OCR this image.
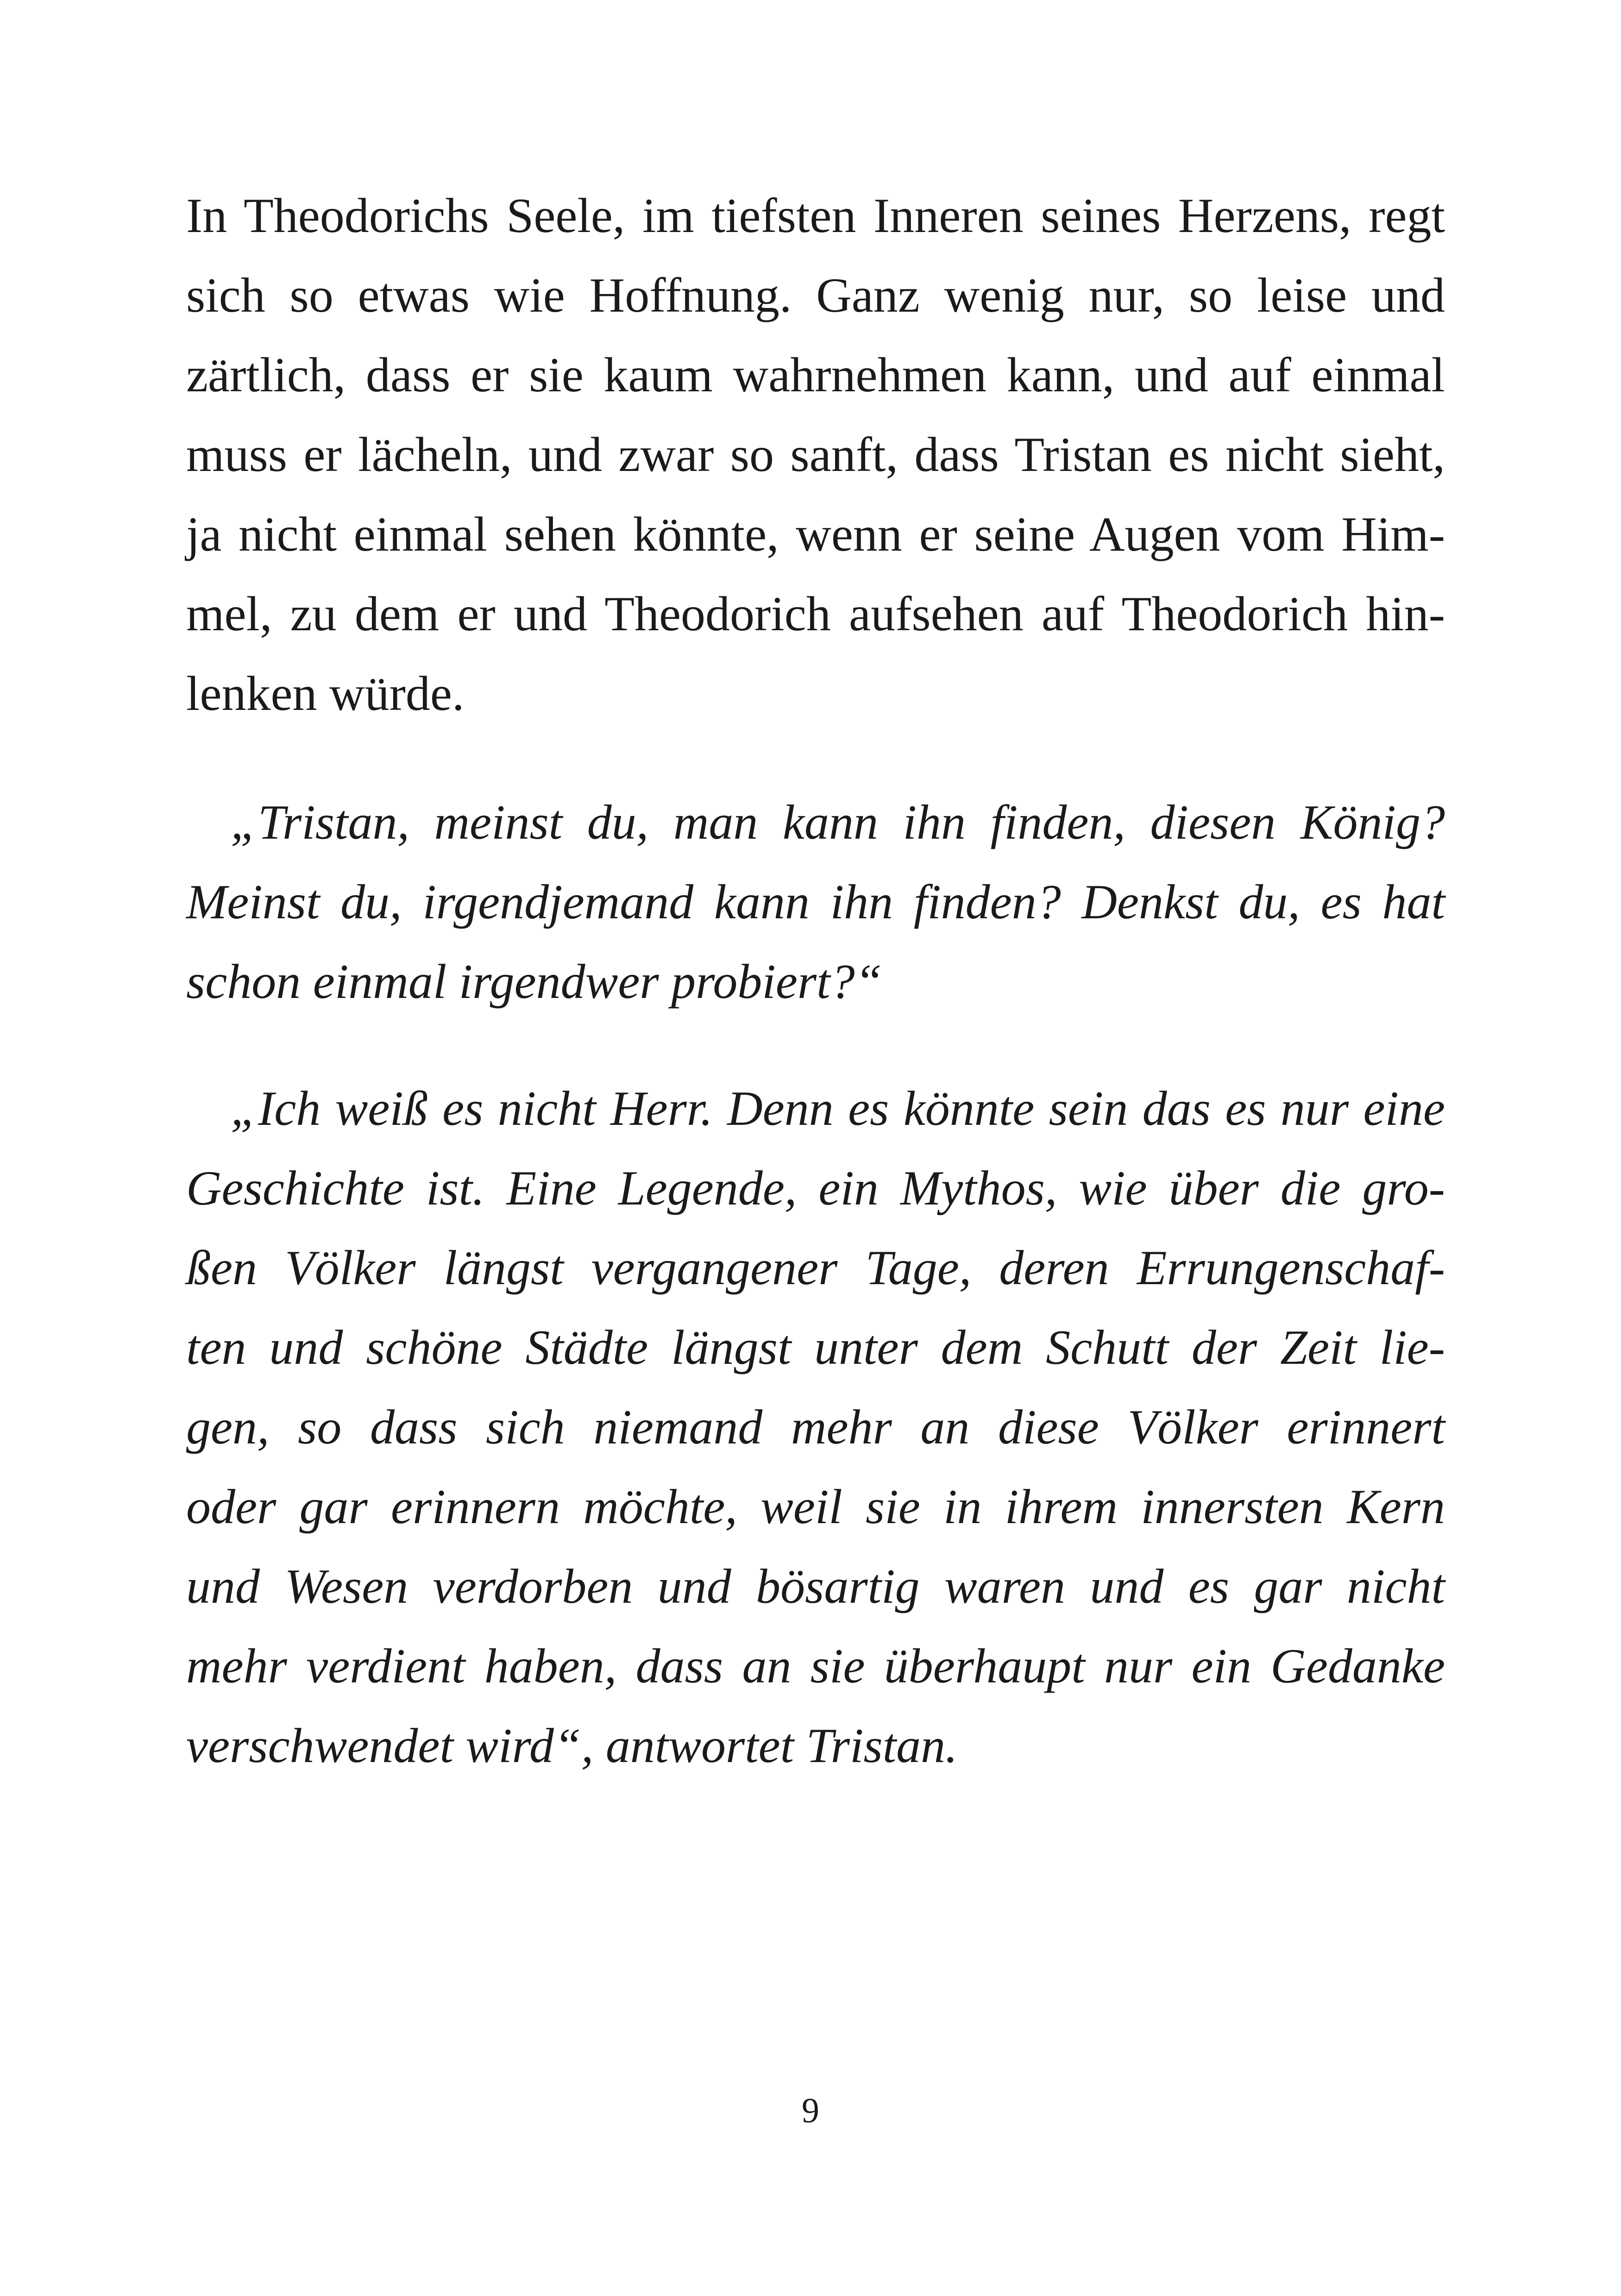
In Theodorichs Seele, im tiefsten Inneren seines Herzens, regt
sich so etwas wie Hoffnung. Ganz wenig nur, so leise und
zärtlich, dass er sie kaum wahrnehmen kann, und auf einmal
muss er lächeln, und zwar so sanft, dass Tristan es nicht sieht,
ja nicht einmal sehen könnte, wenn er seine Augen vom Him-
mel, zu dem er und Theodorich aufsehen auf Theodorich hin-
lenken würde.
„Tristan, meinst du, man kann ihn finden, diesen König?
Meinst du, irgendjemand kann ihn finden? Denkst du, es hat
schon einmal irgendwer probiert?“
„Ich weiß es nicht Herr. Denn es könnte sein das es nur eine
Geschichte ist. Eine Legende, ein Mythos, wie über die gro-
ßen Völker längst vergangener Tage, deren Errungenschaf-
ten und schöne Städte längst unter dem Schutt der Zeit lie-
gen, so dass sich niemand mehr an diese Völker erinnert
oder gar erinnern möchte, weil sie in ihrem innersten Kern
und Wesen verdorben und bösartig waren und es gar nicht
mehr verdient haben, dass an sie überhaupt nur ein Gedanke
verschwendet wird“, antwortet Tristan.
9
